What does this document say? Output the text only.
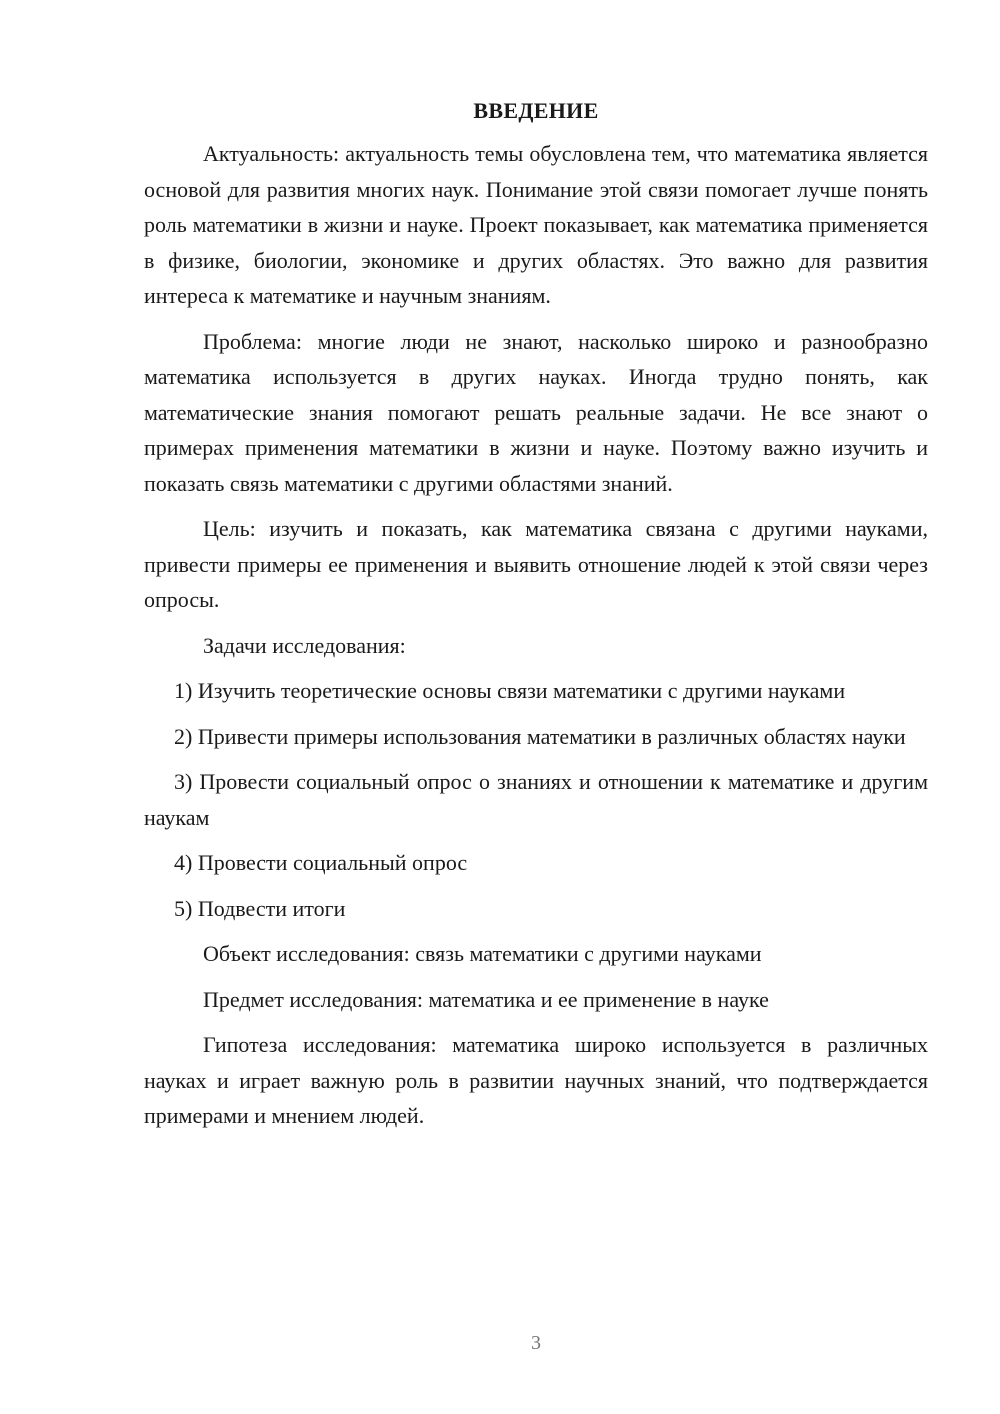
ВВЕДЕНИЕ

Актуальность: актуальность темы обусловлена тем, что математика является основой для развития многих наук. Понимание этой связи помогает лучше понять роль математики в жизни и науке. Проект показывает, как математика применяется в физике, биологии, экономике и других областях. Это важно для развития интереса к математике и научным знаниям.

Проблема: многие люди не знают, насколько широко и разнообразно математика используется в других науках. Иногда трудно понять, как математические знания помогают решать реальные задачи. Не все знают о примерах применения математики в жизни и науке. Поэтому важно изучить и показать связь математики с другими областями знаний.

Цель: изучить и показать, как математика связана с другими науками, привести примеры ее применения и выявить отношение людей к этой связи через опросы.

Задачи исследования:

1) Изучить теоретические основы связи математики с другими науками

2) Привести примеры использования математики в различных областях науки

3) Провести социальный опрос о знаниях и отношении к математике и другим наукам

4) Провести социальный опрос

5) Подвести итоги

Объект исследования: связь математики с другими науками

Предмет исследования: математика и ее применение в науке

Гипотеза исследования: математика широко используется в различных науках и играет важную роль в развитии научных знаний, что подтверждается примерами и мнением людей.

3
